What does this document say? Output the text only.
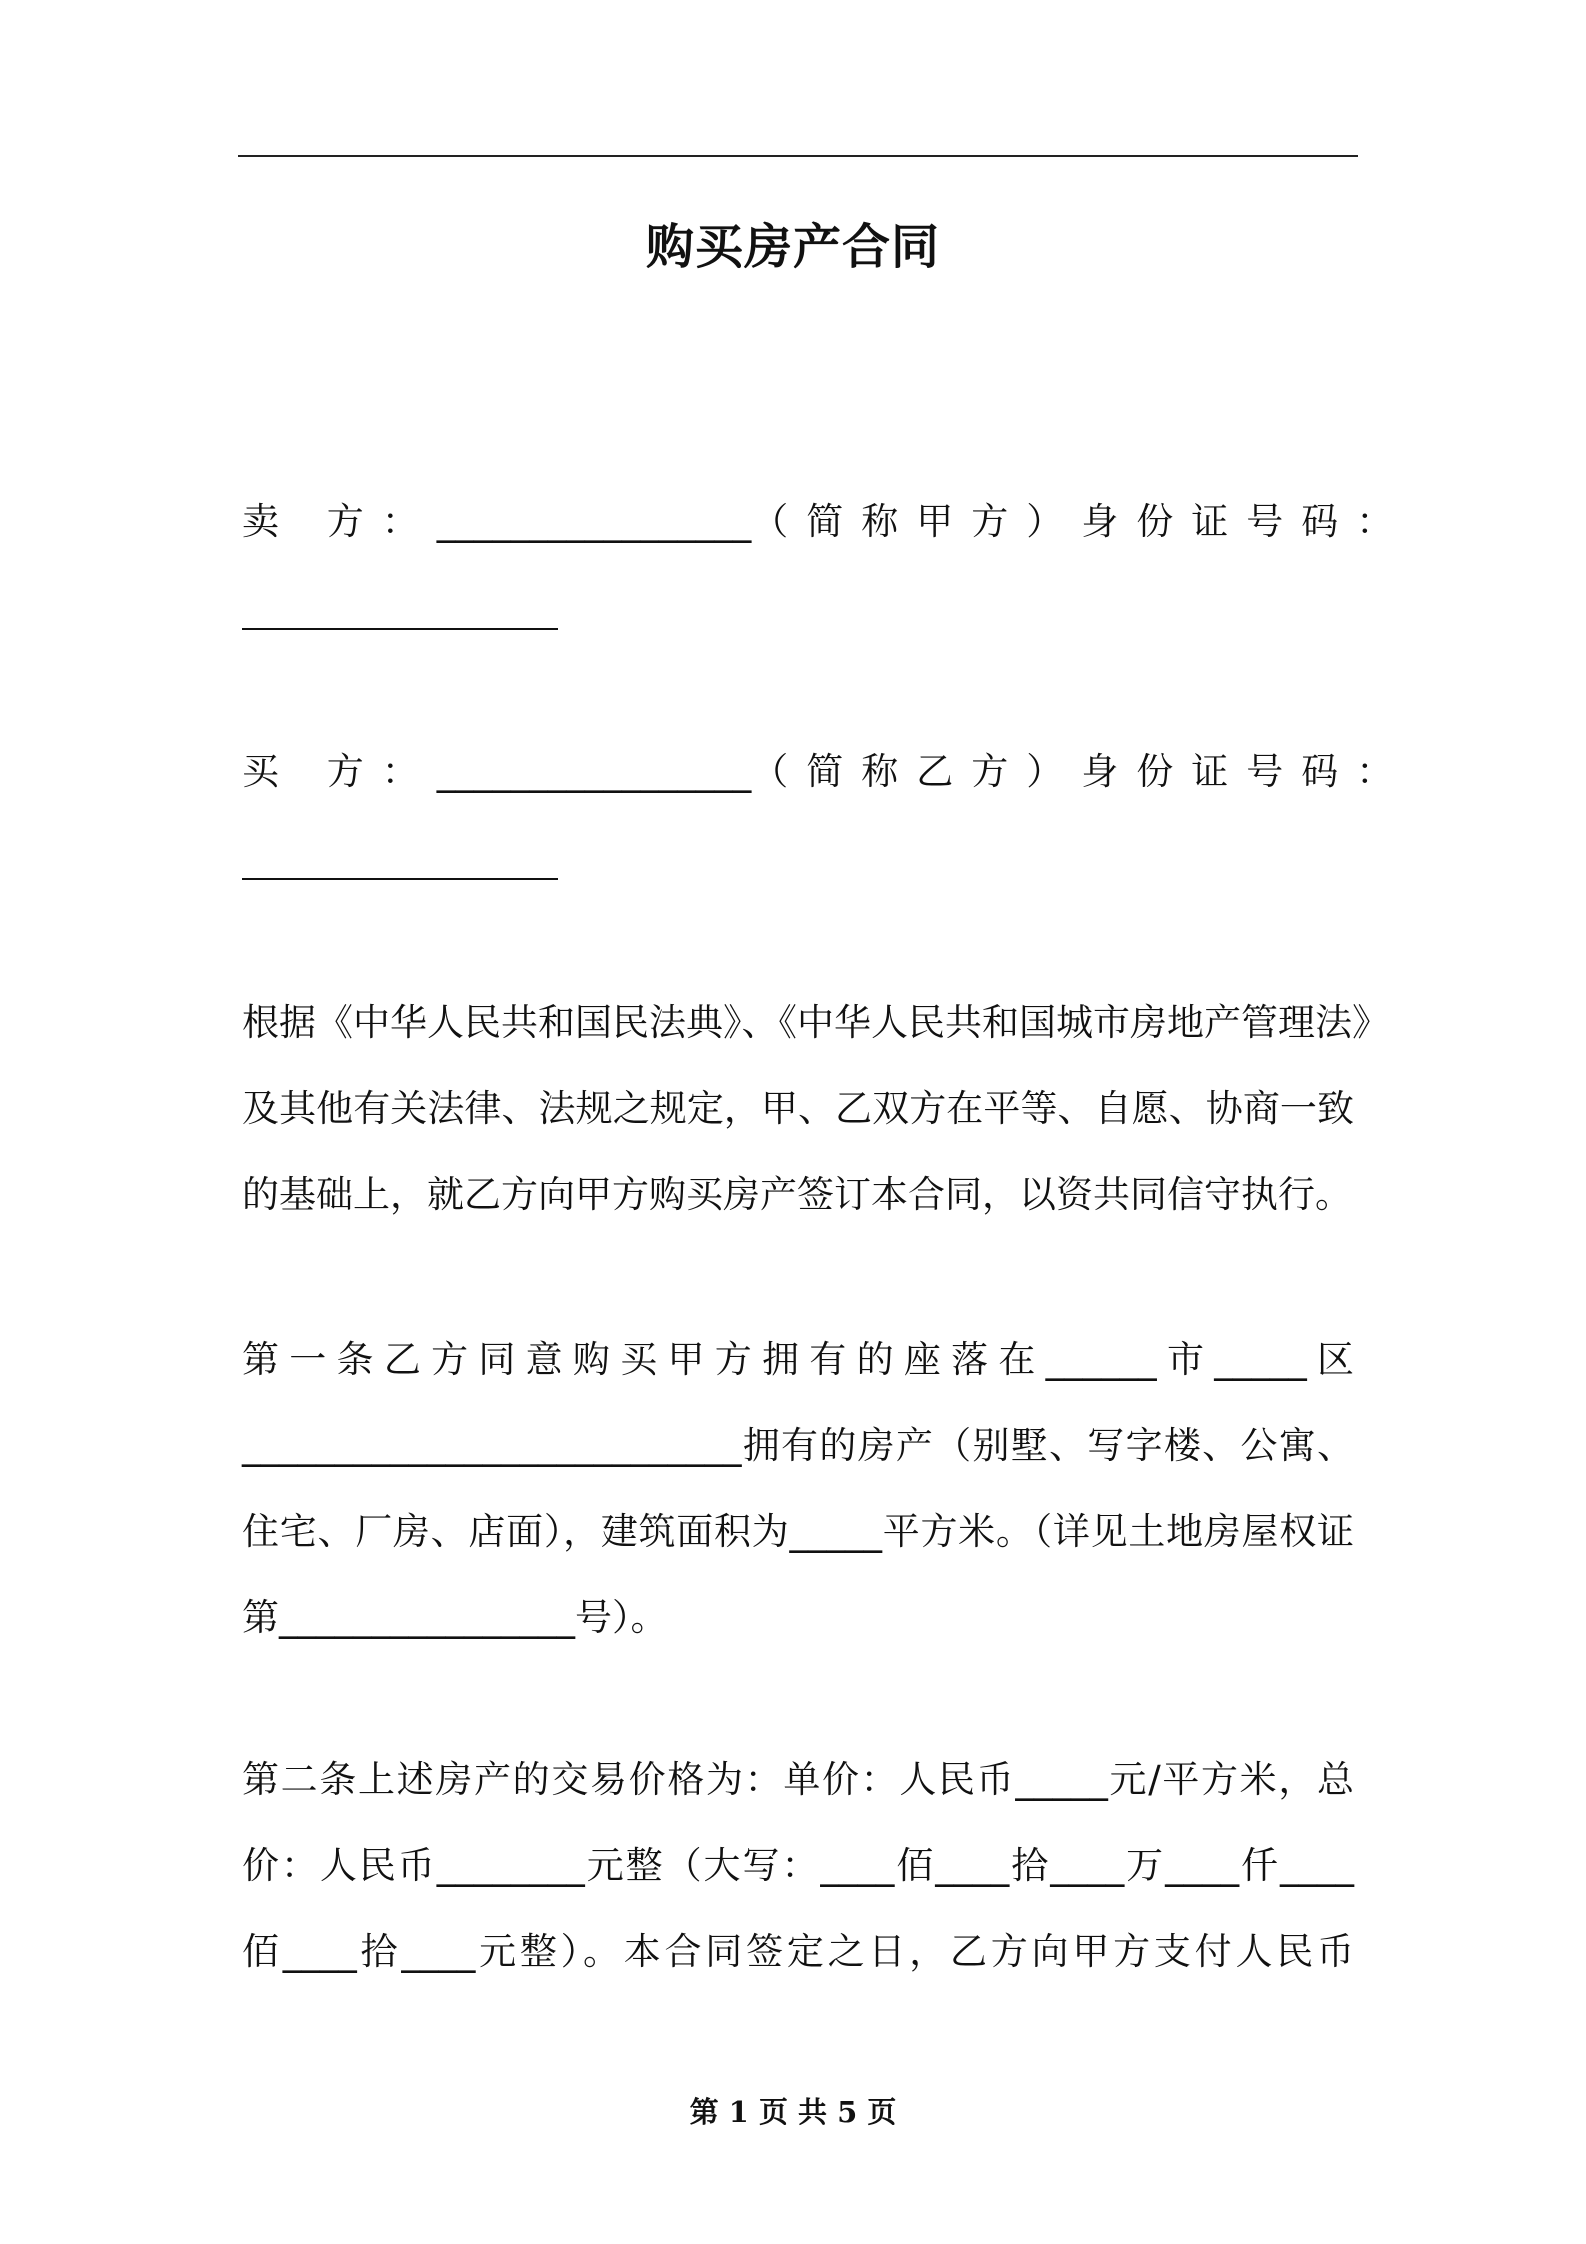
购买房产合同
卖 方： _________________ （简称甲方） 身份证号码：
买 方： _________________ （简称乙方） 身份证号码：
根据《中华人民共和国民法典》、《中华人民共和国城市房地产管理法》
及其他有关法律、法规之规定，甲、乙双方在平等、自愿、协商一致
的基础上，就乙方向甲方购买房产签订本合同，以资共同信守执行。
第一条乙方同意购买甲方拥有的座落在______市_____区
___________________________拥有的房产（别墅、写字楼、公寓、
住宅、厂房、店面），建筑面积为_____平方米。（详见土地房屋权证
第________________号）。
第二条上述房产的交易价格为：单价：人民币_____元/平方米，总
价：人民币________元整（大写：____佰____拾____万____仟____
佰____拾____元整）。本合同签定之日，乙方向甲方支付人民币
第 1 页 共 5 页
